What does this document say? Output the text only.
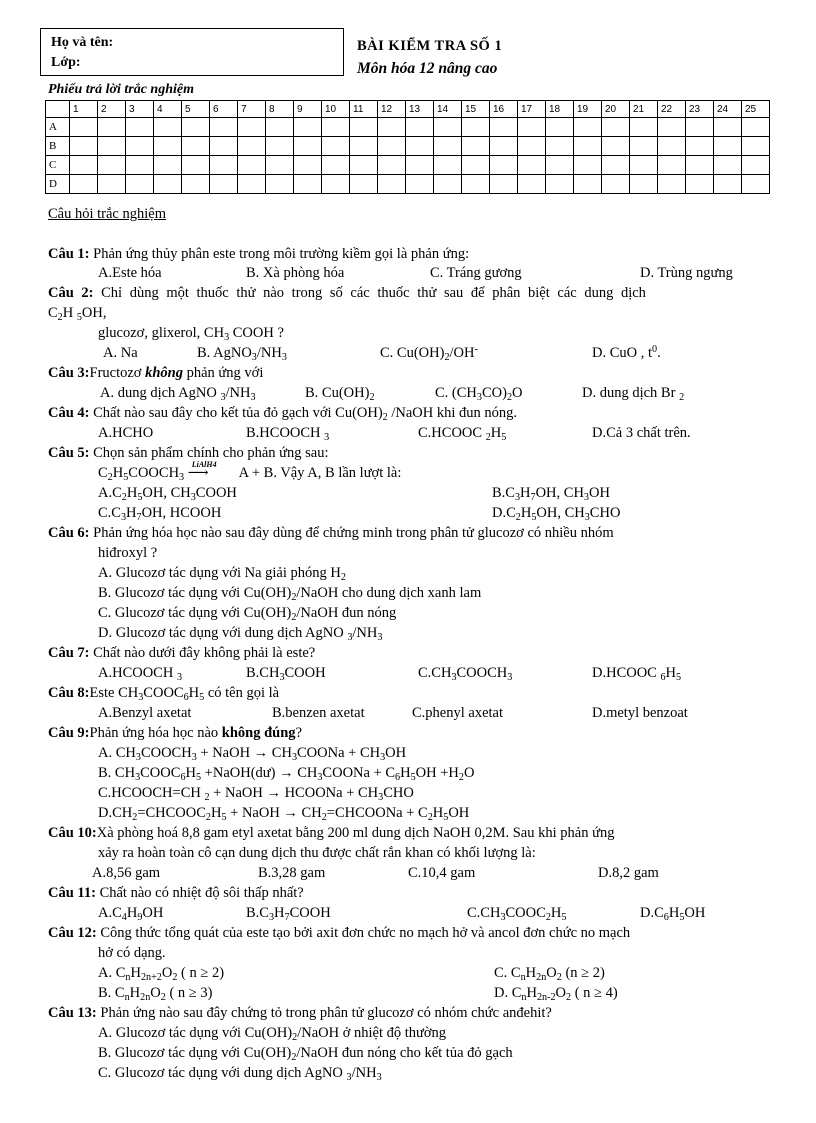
Họ và tên:
Lớp:
BÀI KIỂM TRA SỐ 1
Môn hóa 12 nâng cao
Phiếu trả lời trắc nghiệm
	1	2	3	4	5	6	7	8	9	10	11	12	13	14	15	16	17	18	19	20	21	22	23	24	25
A																									
B																									
C																									
D																									
Câu hỏi trắc nghiệm
Câu 1: Phản ứng thủy phân este trong môi trường kiềm gọi là phản ứng:
A.Este hóa	B. Xà phòng hóa	C. Tráng gương	D. Trùng ngưng
Câu 2: Chỉ dùng một thuốc thử nào trong số các thuốc thử sau để phân biệt các dung dịch
$C_2H$ $_5$OH,
glucozơ, glixerol, $CH_3$ COOH ?
A. Na	B. $AgNO_3/NH_3$	C. $Cu(OH)_2/OH^-$	D. CuO , $t^0$.
Câu 3:Fructozơ không phản ứng với
A. dung dịch AgNO $_3/NH_3$	B. $Cu(OH)_2$	C. $(CH_3CO)_2O$	D. dung dịch Br $_2$
Câu 4: Chất nào sau đây cho kết tủa đỏ gạch với $Cu(OH)_2$ /NaOH khi đun nóng.
A.HCHO	B.HCOOCH $_3$	C.HCOOC $_2H_5$	D.Cả 3 chất trên.
Câu 5: Chọn sản phẩm chính cho phản ứng sau:
$C_2H_5COOCH_3$
LiAlH4
⟶ A + B. Vậy A, B lần lượt là:
$A.C_2H_5OH$, $CH_3COOH$	$B.C_3H_7OH$, $CH_3OH$
$C.C_3H_7OH$, HCOOH	$D.C_2H_5OH$, $CH_3CHO$
Câu 6: Phản ứng hóa học nào sau đây dùng để chứng minh trong phân tử glucozơ có nhiều nhóm
hiđroxyl ?
A. Glucozơ tác dụng với Na giải phóng $H_2$
B. Glucozơ tác dụng với $Cu(OH)_2$/NaOH cho dung dịch xanh lam
C. Glucozơ tác dụng với $Cu(OH)_2$/NaOH đun nóng
D. Glucozơ tác dụng với dung dịch AgNO $_3/NH_3$
Câu 7: Chất nào dưới đây không phải là este?
A.HCOOCH $_3$	$B.CH_3COOH$	$C.CH_3COOCH_3$	D.HCOOC $_6H_5$
Câu 8:Este $CH_3COOC_6H_5$ có tên gọi là
A.Benzyl axetat	B.benzen axetat	C.phenyl axetat	D.metyl benzoat
Câu 9:Phản ứng hóa học nào không đúng?
A. $CH_3COOCH_3$ + NaOH → $CH_3COONa + CH_3OH$
B. $CH_3COOC_6H_5$ +NaOH(dư) → $CH_3COONa + C_6H_5OH +H_2O$
C.HCOOCH=CH $_2$ + NaOH → HCOONa + $CH_3CHO$
$D.CH_2=CHCOOC_2H_5$ + NaOH → $CH_2=CHCOONa + C_2H_5OH$
Câu 10:Xà phòng hoá 8,8 gam etyl axetat bằng 200 ml dung dịch NaOH 0,2M. Sau khi phản ứng
xảy ra hoàn toàn cô cạn dung dịch thu được chất rắn khan có khối lượng là:
A.8,56 gam	B.3,28 gam	C.10,4 gam	D.8,2 gam
Câu 11: Chất nào có nhiệt độ sôi thấp nhất?
$A.C_4H_9OH$	$B.C_3H_7COOH$	$C.CH_3COOC_2H_5$	$D.C_6H_5OH$
Câu 12: Công thức tổng quát của este tạo bởi axit đơn chức no mạch hở và ancol đơn chức no mạch
hở có dạng.
A. $C_nH_{2n+2}O_2$ ( n ≥ 2)	C. $C_nH_{2n}O_2$ (n ≥ 2)
B. $C_nH_{2n}O_2$ ( n ≥ 3)	D. $C_nH_{2n-2}O_2$ ( n ≥ 4)
Câu 13: Phản ứng nào sau đây chứng tỏ trong phân tử glucozơ có nhóm chức anđehit?
A. Glucozơ tác dụng với $Cu(OH)_2$/NaOH ở nhiệt độ thường
B. Glucozơ tác dụng với $Cu(OH)_2$/NaOH đun nóng cho kết tủa đỏ gạch
C. Glucozơ tác dụng với dung dịch AgNO $_3/NH_3$
